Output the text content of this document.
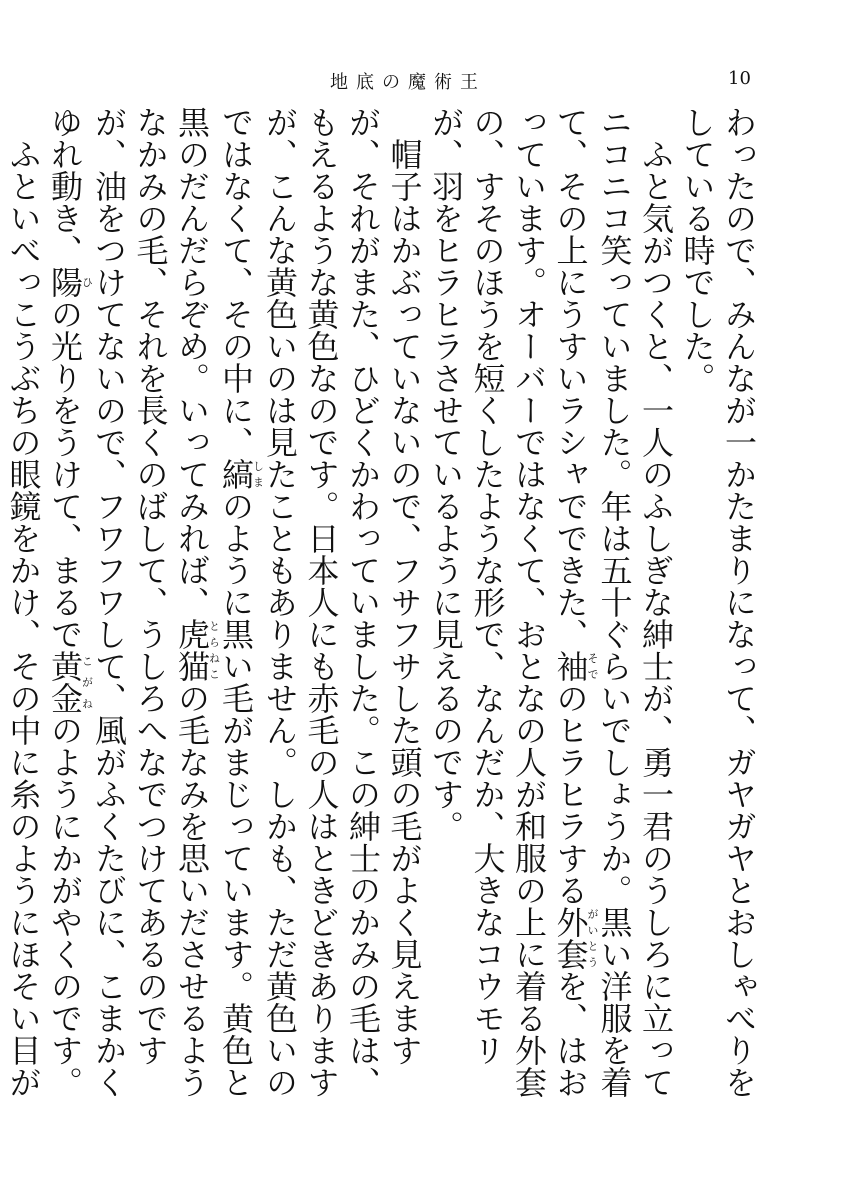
地底の魔術王	10

わったので、みんなが一かたまりになって、ガヤガヤとおしゃべりをしている時でした。

ふと気がつくと、一人のふしぎな紳士が、勇一君のうしろに立ってニコニコ笑っていました。年は五十ぐらいでしょうか。黒い洋服を着て、その上にうすいラシャでできた、袖そでのヒラヒラする外套がいとうを、はおっています。オーバーではなくて、おとなの人が和服の上に着る外套の、すそのほうを短くしたような形で、なんだか、大きなコウモリが、羽をヒラヒラさせているように見えるのです。

帽子はかぶっていないので、フサフサした頭の毛がよく見えますが、それがまた、ひどくかわっていました。この紳士のかみの毛は、もえるような黄色なのです。日本人にも赤毛の人はときどきありますが、こんな黄色いのは見たこともありません。しかも、ただ黄色いのではなくて、その中に、縞しまのように黒い毛がまじっています。黄色と黒のだんだらぞめ。いってみれば、虎猫とらねこの毛なみを思いださせるようなかみの毛、それを長くのばして、うしろへなでつけてあるのですが、油をつけてないので、フワフワして、風がふくたびに、こまかくゆれ動き、陽ひの光りをうけて、まるで黄金こがねのようにかがやくのです。

ふといべっこうぶちの眼鏡をかけ、その中に糸のようにほそい目が
